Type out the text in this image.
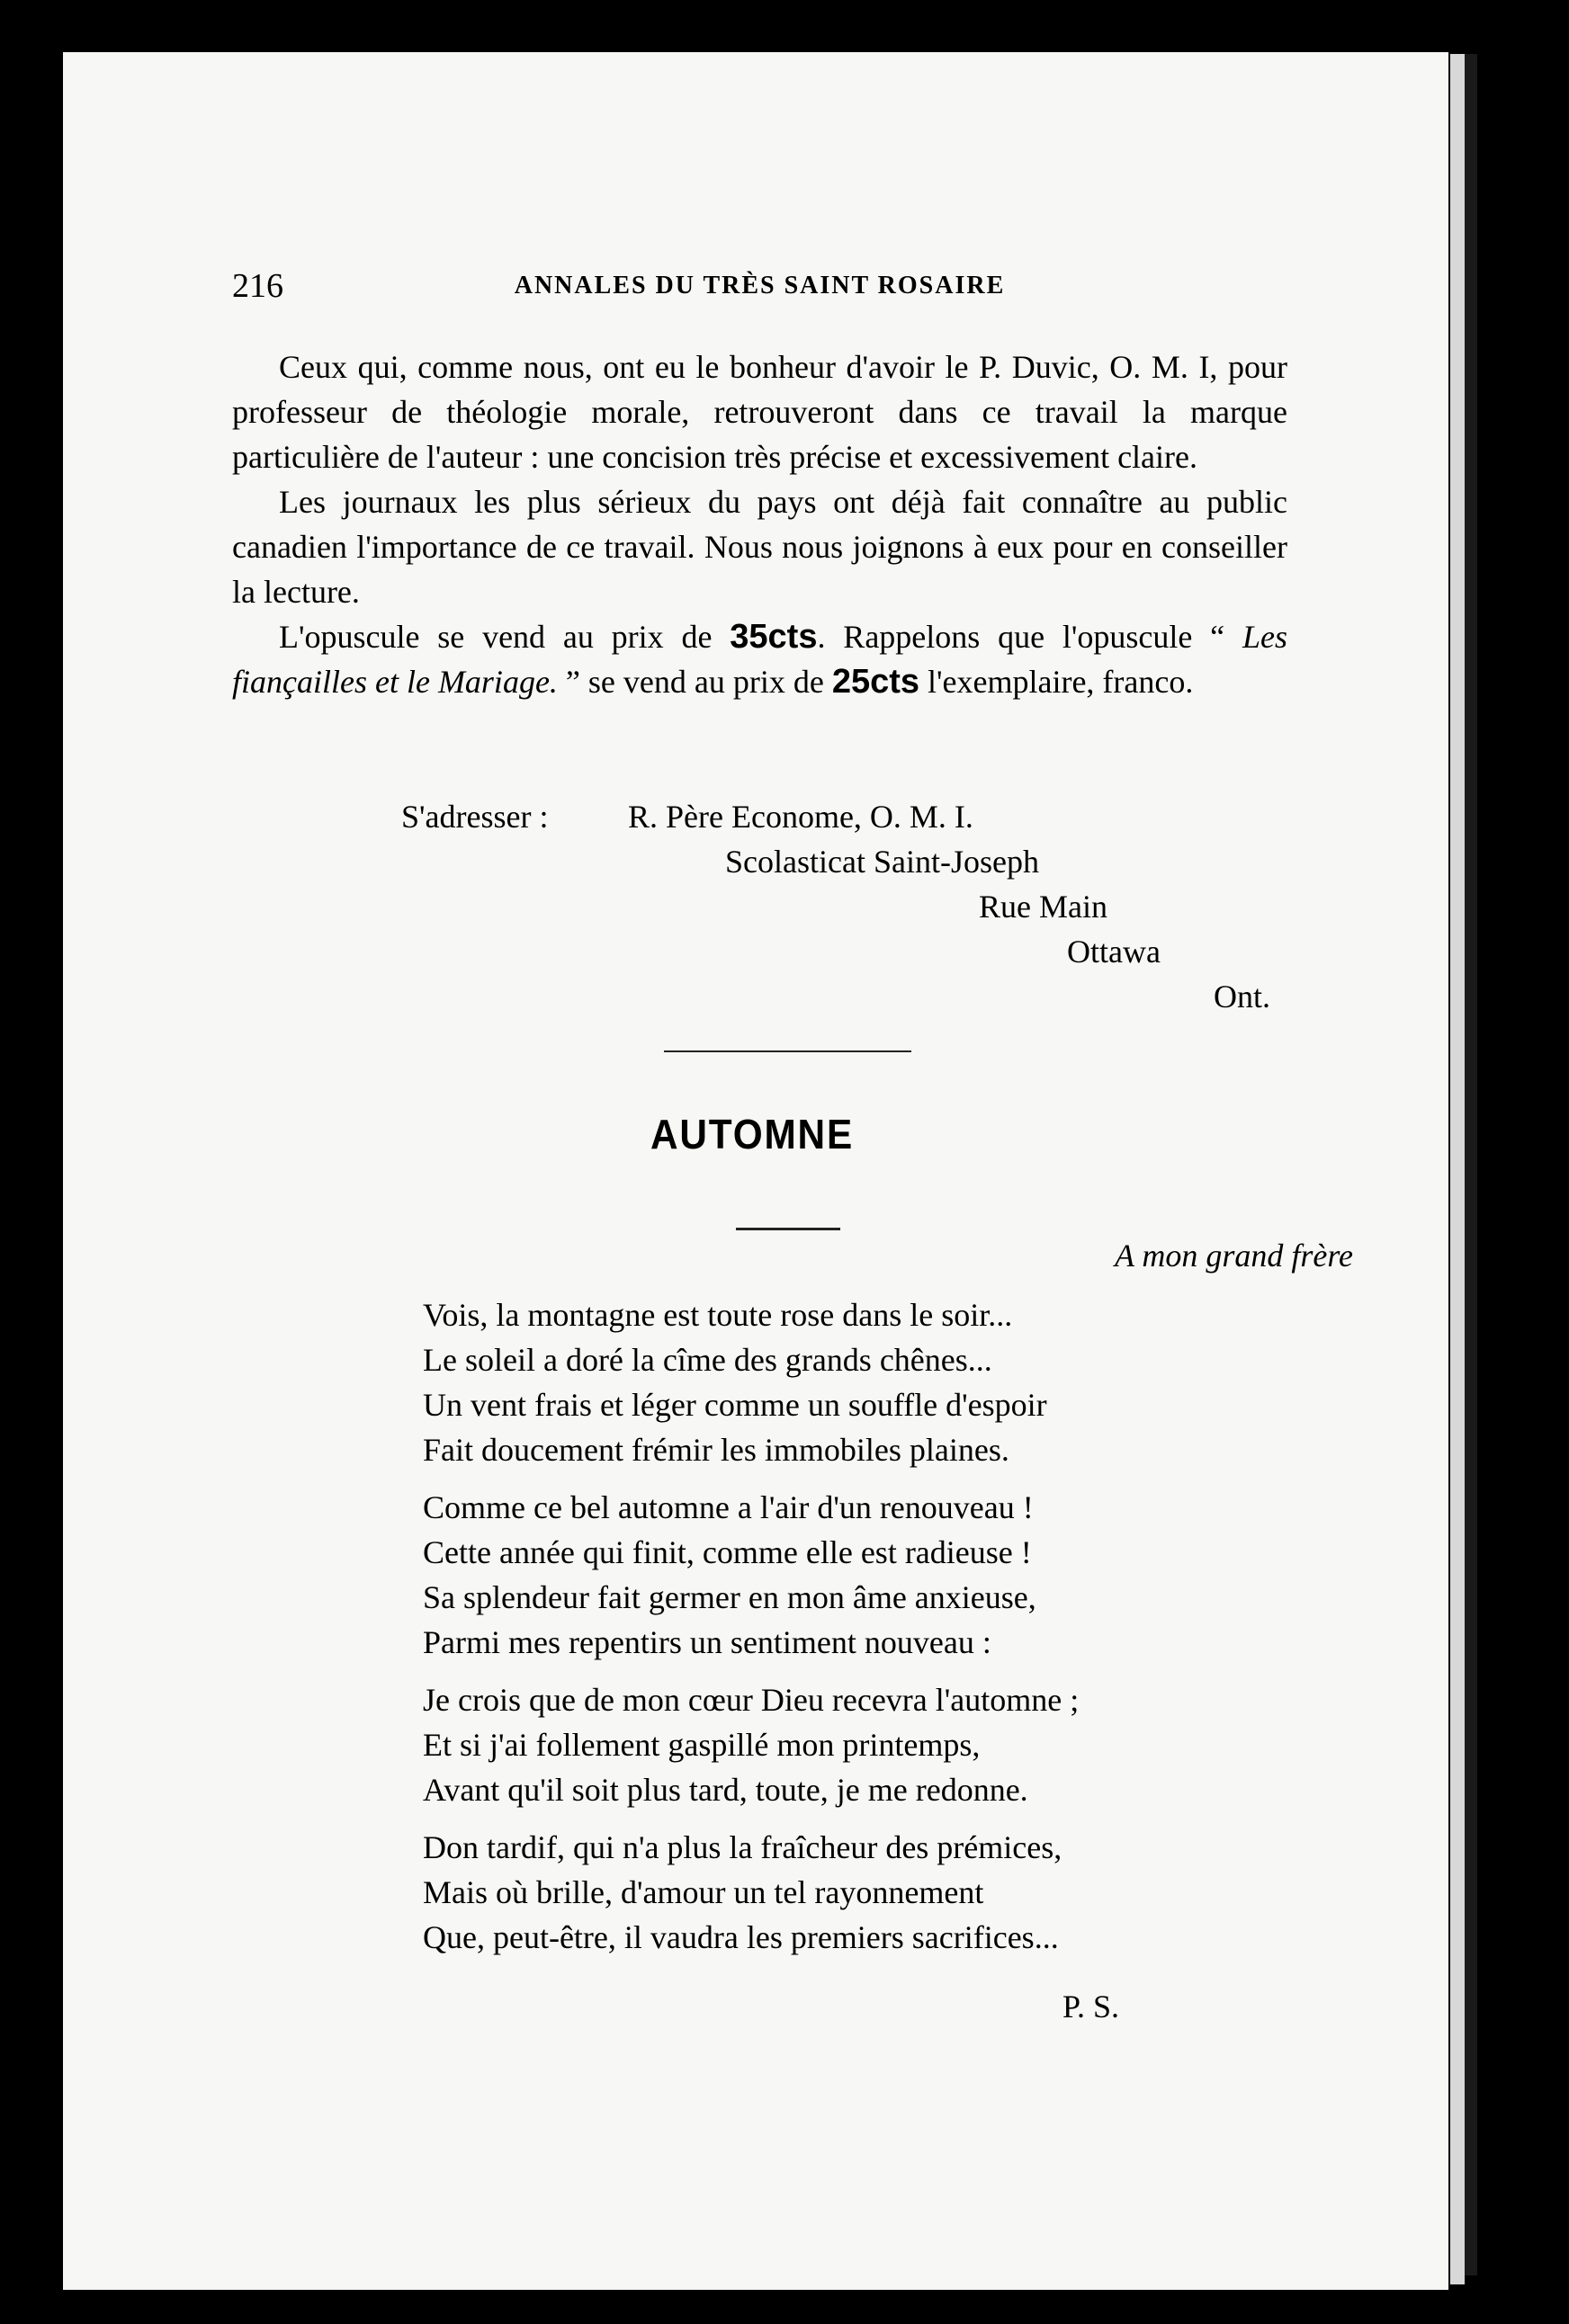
216	ANNALES DU TRÈS SAINT ROSAIRE

Ceux qui, comme nous, ont eu le bonheur d'avoir le P. Duvic, O. M. I, pour professeur de théologie morale, retrouveront dans ce travail la marque particulière de l'auteur : une concision très précise et excessivement claire.

Les journaux les plus sérieux du pays ont déjà fait connaître au public canadien l'importance de ce travail. Nous nous joignons à eux pour en conseiller la lecture.

L'opuscule se vend au prix de 35cts. Rappelons que l'opuscule “ Les fiançailles et le Mariage. ” se vend au prix de 25cts l'exemplaire, franco.

S'adresser : R. Père Econome, O. M. I.
Scolasticat Saint-Joseph
Rue Main
Ottawa
Ont.
AUTOMNE
A mon grand frère
Vois, la montagne est toute rose dans le soir...
Le soleil a doré la cîme des grands chênes...
Un vent frais et léger comme un souffle d'espoir
Fait doucement frémir les immobiles plaines.
Comme ce bel automne a l'air d'un renouveau !
Cette année qui finit, comme elle est radieuse !
Sa splendeur fait germer en mon âme anxieuse,
Parmi mes repentirs un sentiment nouveau :
Je crois que de mon cœur Dieu recevra l'automne ;
Et si j'ai follement gaspillé mon printemps,
Avant qu'il soit plus tard, toute, je me redonne.
Don tardif, qui n'a plus la fraîcheur des prémices,
Mais où brille, d'amour un tel rayonnement
Que, peut-être, il vaudra les premiers sacrifices...
P. S.
